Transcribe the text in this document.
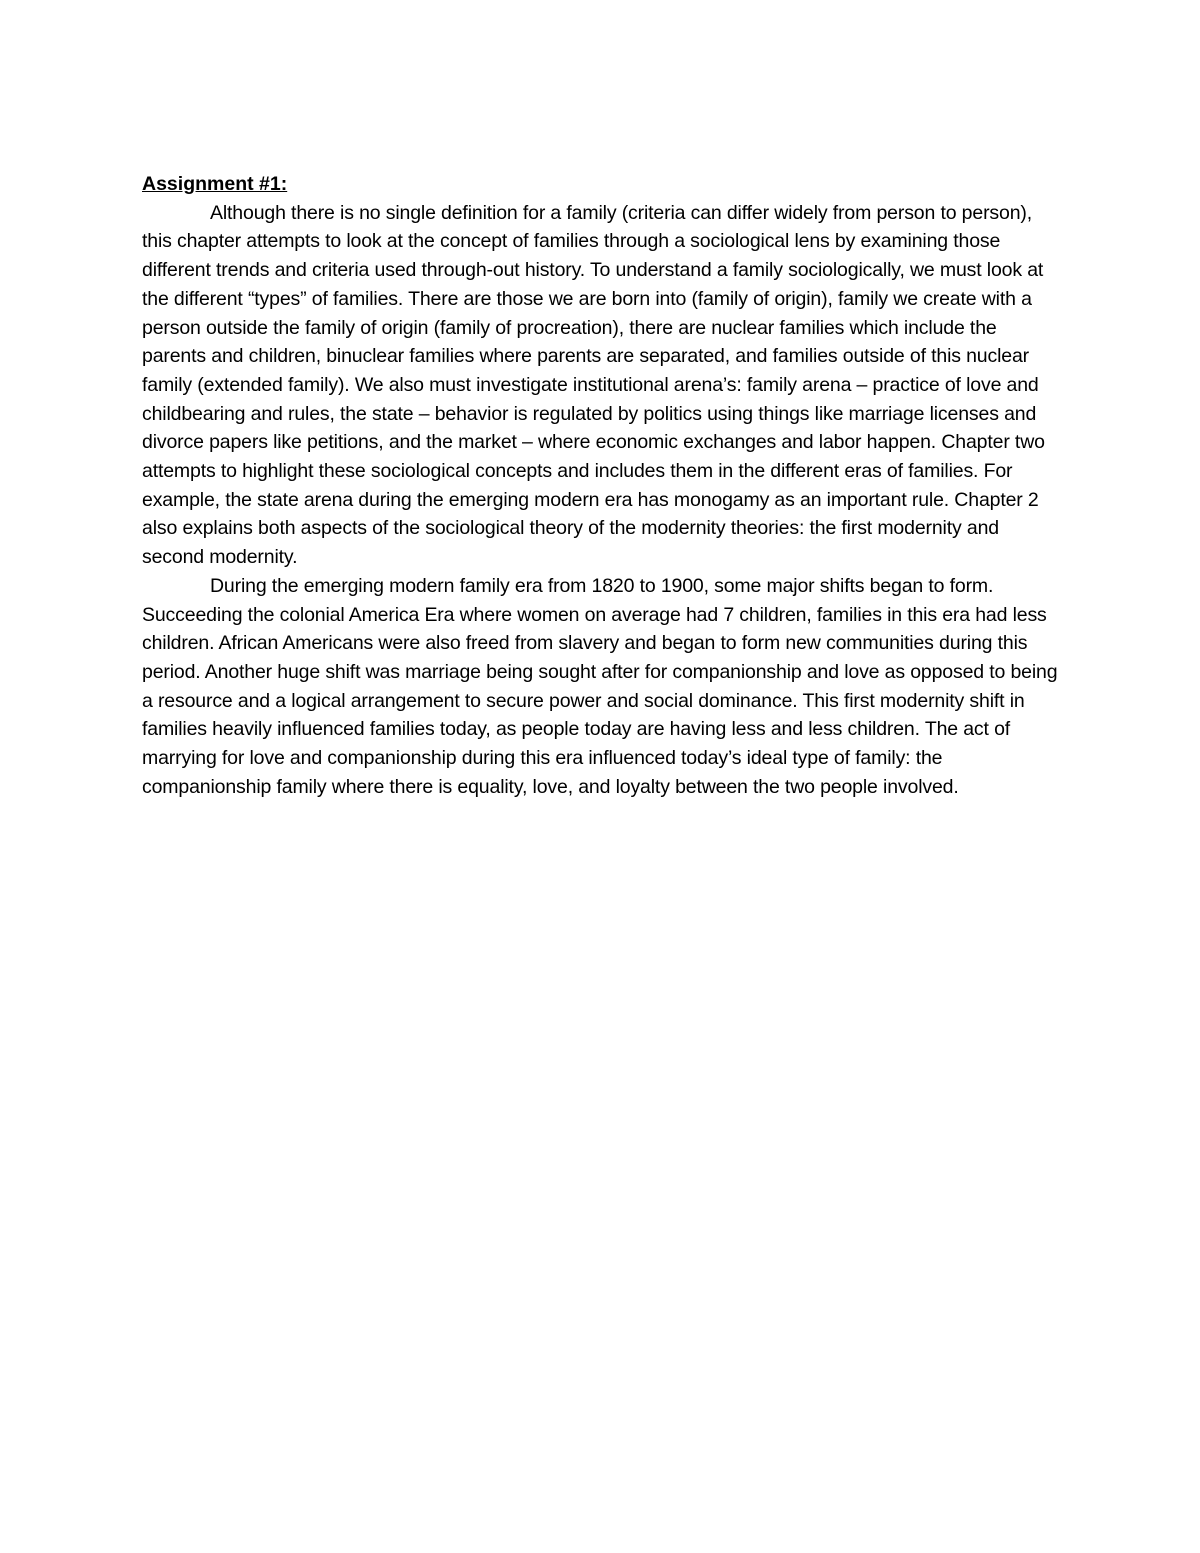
Assignment #1:

Although there is no single definition for a family (criteria can differ widely from person to person), this chapter attempts to look at the concept of families through a sociological lens by examining those different trends and criteria used through-out history. To understand a family sociologically, we must look at the different “types” of families. There are those we are born into (family of origin), family we create with a person outside the family of origin (family of procreation), there are nuclear families which include the parents and children, binuclear families where parents are separated, and families outside of this nuclear family (extended family). We also must investigate institutional arena’s: family arena – practice of love and childbearing and rules, the state – behavior is regulated by politics using things like marriage licenses and divorce papers like petitions, and the market – where economic exchanges and labor happen. Chapter two attempts to highlight these sociological concepts and includes them in the different eras of families. For example, the state arena during the emerging modern era has monogamy as an important rule. Chapter 2 also explains both aspects of the sociological theory of the modernity theories: the first modernity and second modernity.

During the emerging modern family era from 1820 to 1900, some major shifts began to form. Succeeding the colonial America Era where women on average had 7 children, families in this era had less children. African Americans were also freed from slavery and began to form new communities during this period. Another huge shift was marriage being sought after for companionship and love as opposed to being a resource and a logical arrangement to secure power and social dominance. This first modernity shift in families heavily influenced families today, as people today are having less and less children. The act of marrying for love and companionship during this era influenced today’s ideal type of family: the companionship family where there is equality, love, and loyalty between the two people involved.
